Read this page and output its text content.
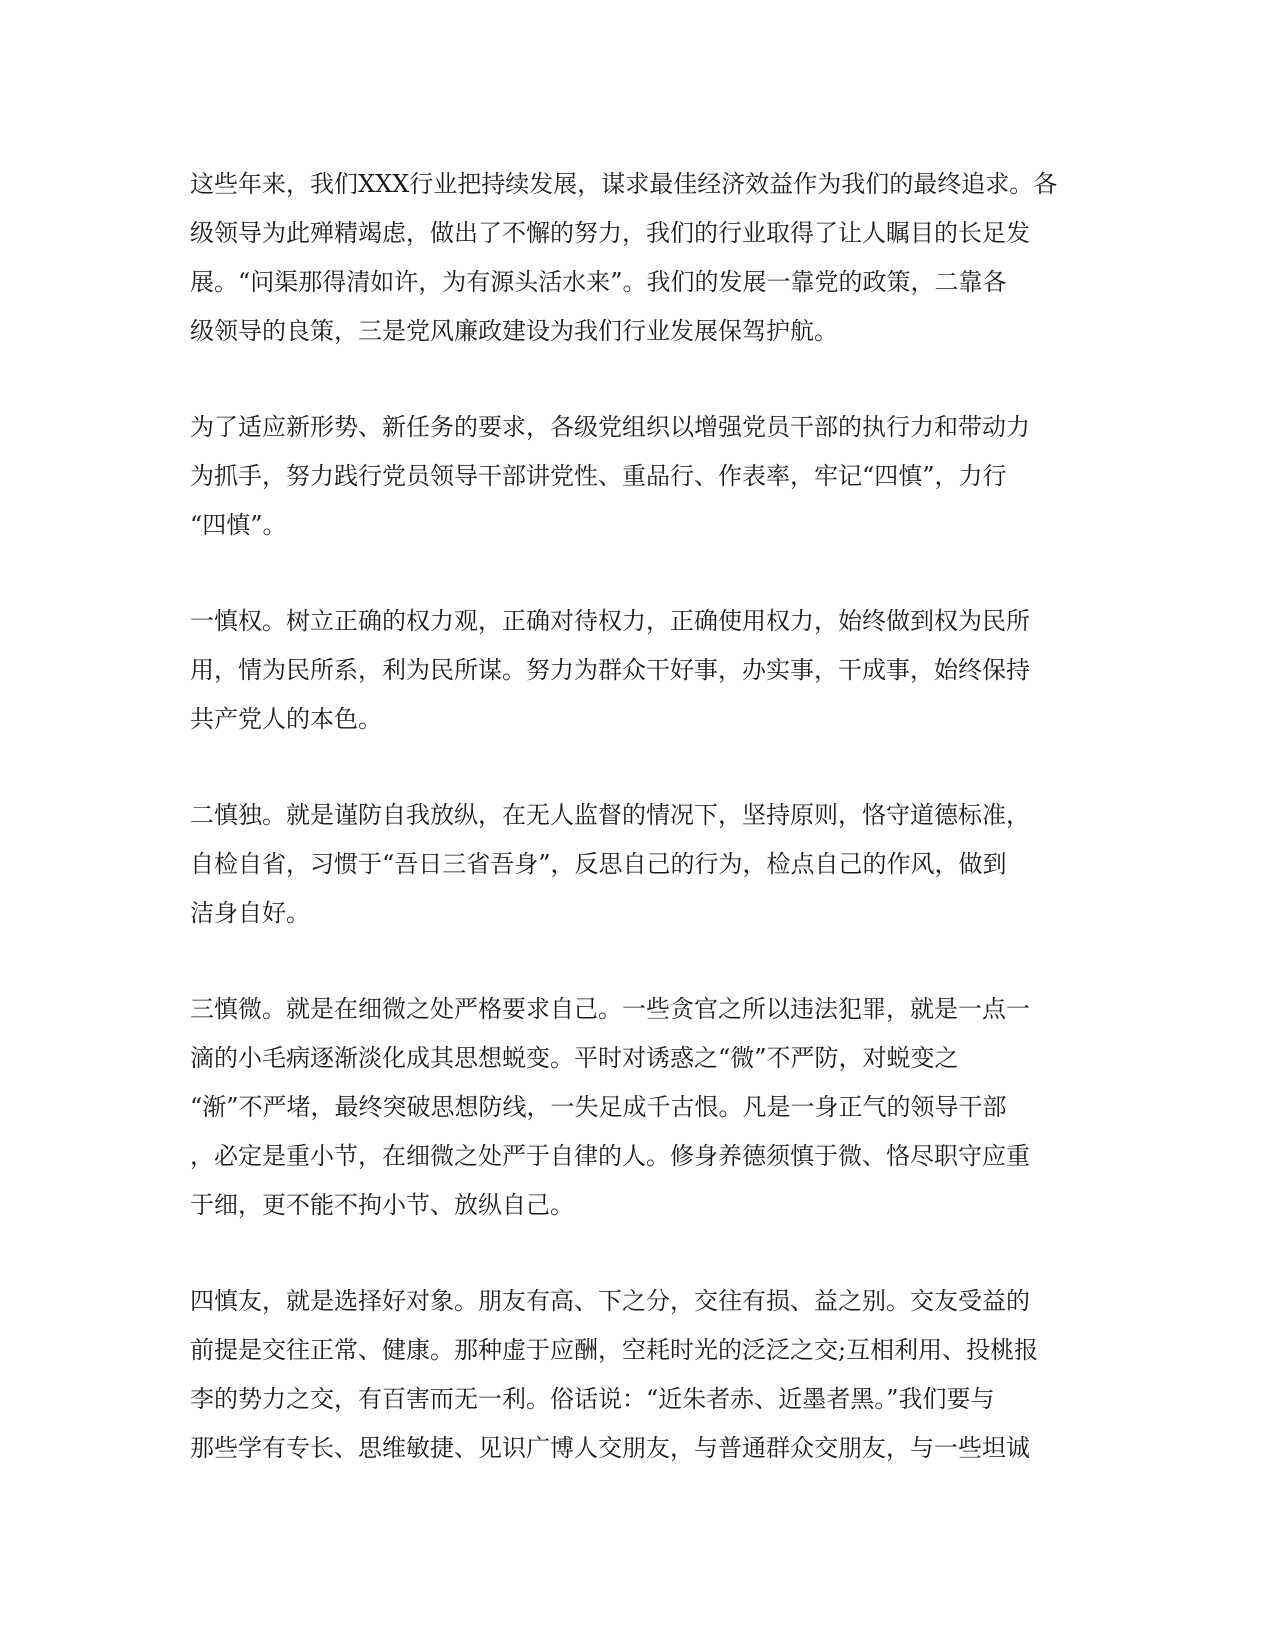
这些年来，我们XXX行业把持续发展，谋求最佳经济效益作为我们的最终追求。各
级领导为此殚精竭虑，做出了不懈的努力，我们的行业取得了让人瞩目的长足发
展。“问渠那得清如许，为有源头活水来”。我们的发展一靠党的政策，二靠各
级领导的良策，三是党风廉政建设为我们行业发展保驾护航。

为了适应新形势、新任务的要求，各级党组织以增强党员干部的执行力和带动力
为抓手，努力践行党员领导干部讲党性、重品行、作表率，牢记“四慎”，力行
“四慎”。

一慎权。树立正确的权力观，正确对待权力，正确使用权力，始终做到权为民所
用，情为民所系，利为民所谋。努力为群众干好事，办实事，干成事，始终保持
共产党人的本色。

二慎独。就是谨防自我放纵，在无人监督的情况下，坚持原则，恪守道德标准，
自检自省，习惯于“吾日三省吾身”，反思自己的行为，检点自己的作风，做到
洁身自好。

三慎微。就是在细微之处严格要求自己。一些贪官之所以违法犯罪，就是一点一
滴的小毛病逐渐淡化成其思想蜕变。平时对诱惑之“微”不严防，对蜕变之
“渐”不严堵，最终突破思想防线，一失足成千古恨。凡是一身正气的领导干部
，必定是重小节，在细微之处严于自律的人。修身养德须慎于微、恪尽职守应重
于细，更不能不拘小节、放纵自己。

四慎友，就是选择好对象。朋友有高、下之分，交往有损、益之别。交友受益的
前提是交往正常、健康。那种虚于应酬，空耗时光的泛泛之交;互相利用、投桃报
李的势力之交，有百害而无一利。俗话说：“近朱者赤、近墨者黑。”我们要与
那些学有专长、思维敏捷、见识广博人交朋友，与普通群众交朋友，与一些坦诚
